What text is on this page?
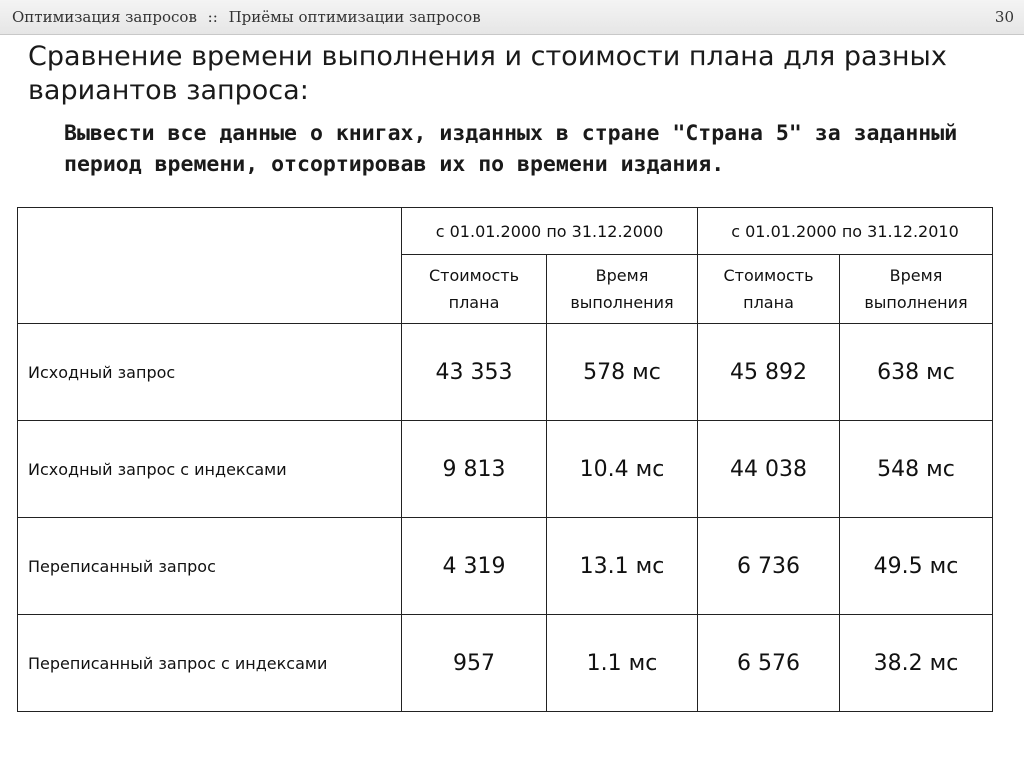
Оптимизация запросов :: Приёмы оптимизации запросов	30
Сравнение времени выполнения и стоимости плана для разных вариантов запроса:
Вывести все данные о книгах, изданных в стране "Страна 5" за заданный период времени, отсортировав их по времени издания.
	с 01.01.2000 по 31.12.2000		с 01.01.2000 по 31.12.2010	
	Стоимость плана	Время выполнения	Стоимость плана	Время выполнения
Исходный запрос	43 353	578 мс	45 892	638 мс
Исходный запрос с индексами	9 813	10.4 мс	44 038	548 мс
Переписанный запрос	4 319	13.1 мс	6 736	49.5 мс
Переписанный запрос с индексами	957	1.1 мс	6 576	38.2 мс
